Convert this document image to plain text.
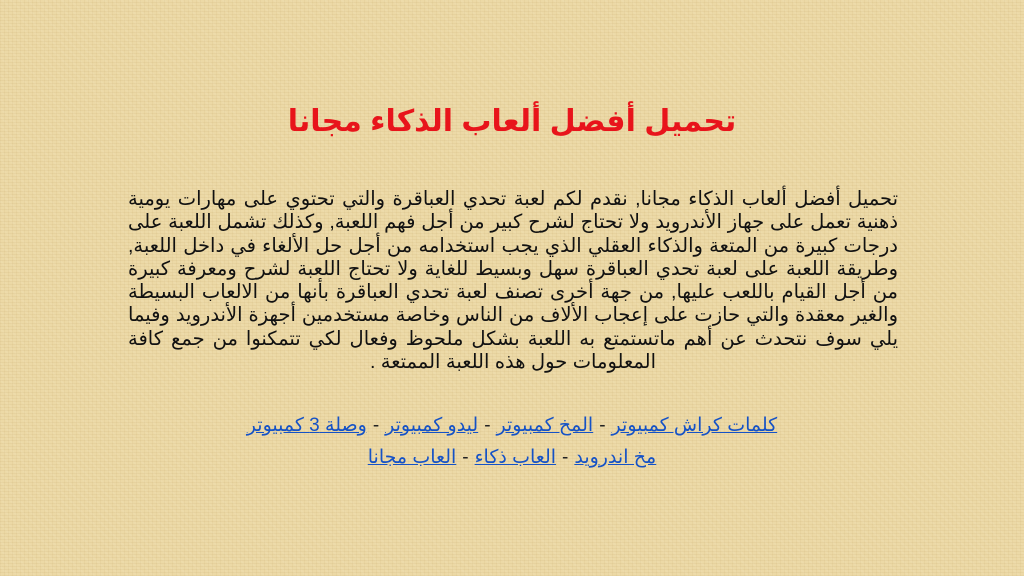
تحميل أفضل ألعاب الذكاء مجانا
تحميل أفضل ألعاب الذكاء مجانا, نقدم لكم لعبة تحدي العباقرة والتي تحتوي على مهارات يومية ذهنية تعمل على جهاز الأندرويد ولا تحتاج لشرح كبير من أجل فهم اللعبة, وكذلك تشمل اللعبة على درجات كبيرة من المتعة والذكاء العقلي الذي يجب استخدامه من أجل حل الألغاء في داخل اللعبة, وطريقة اللعبة على لعبة تحدي العباقرة سهل وبسيط للغاية ولا تحتاج اللعبة لشرح ومعرفة كبيرة من أجل القيام باللعب عليها, من جهة أخرى تصنف لعبة تحدي العباقرة بأنها من الالعاب البسيطة والغير معقدة والتي حازت على إعجاب الألاف من الناس وخاصة مستخدمين أجهزة الأندرويد وفيما يلي سوف نتحدث عن أهم ماتستمتع به اللعبة بشكل ملحوظ وفعال لكي تتمكنوا من جمع كافة المعلومات حول هذه اللعبة الممتعة .
كلمات كراش كمبيوتر-المخ كمبيوتر-ليدو كمبيوتر-وصلة 3 كمبيوتر
مخ اندرويد-العاب ذكاء-العاب مجانا
